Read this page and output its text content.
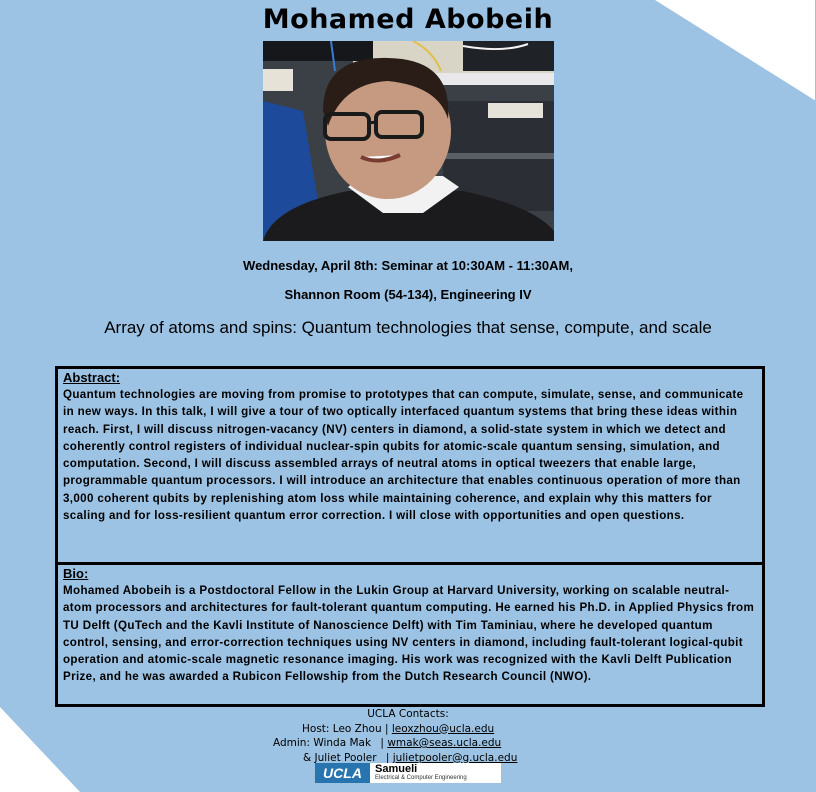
Mohamed Abobeih
Wednesday, April 8th: Seminar at 10:30AM - 11:30AM,
Shannon Room (54-134), Engineering IV
Array of atoms and spins: Quantum technologies that sense, compute, and scale
Abstract:
Quantum technologies are moving from promise to prototypes that can compute, simulate, sense, and communicate in new ways. In this talk, I will give a tour of two optically interfaced quantum systems that bring these ideas within reach. First, I will discuss nitrogen-vacancy (NV) centers in diamond, a solid-state system in which we detect and coherently control registers of individual nuclear-spin qubits for atomic-scale quantum sensing, simulation, and computation. Second, I will discuss assembled arrays of neutral atoms in optical tweezers that enable large, programmable quantum processors. I will introduce an architecture that enables continuous operation of more than 3,000 coherent qubits by replenishing atom loss while maintaining coherence, and explain why this matters for scaling and for loss-resilient quantum error correction. I will close with opportunities and open questions.
Bio:
Mohamed Abobeih is a Postdoctoral Fellow in the Lukin Group at Harvard University, working on scalable neutral-atom processors and architectures for fault-tolerant quantum computing. He earned his Ph.D. in Applied Physics from TU Delft (QuTech and the Kavli Institute of Nanoscience Delft) with Tim Taminiau, where he developed quantum control, sensing, and error-correction techniques using NV centers in diamond, including fault-tolerant logical-qubit operation and atomic-scale magnetic resonance imaging. His work was recognized with the Kavli Delft Publication Prize, and he was awarded a Rubicon Fellowship from the Dutch Research Council (NWO).
UCLA Contacts:
Host: Leo Zhou | leoxzhou@ucla.edu
Admin: Winda Mak | wmak@seas.ucla.edu
& Juliet Pooler | julietpooler@g.ucla.edu
UCLA	Samueli
Electrical & Computer Engineering
